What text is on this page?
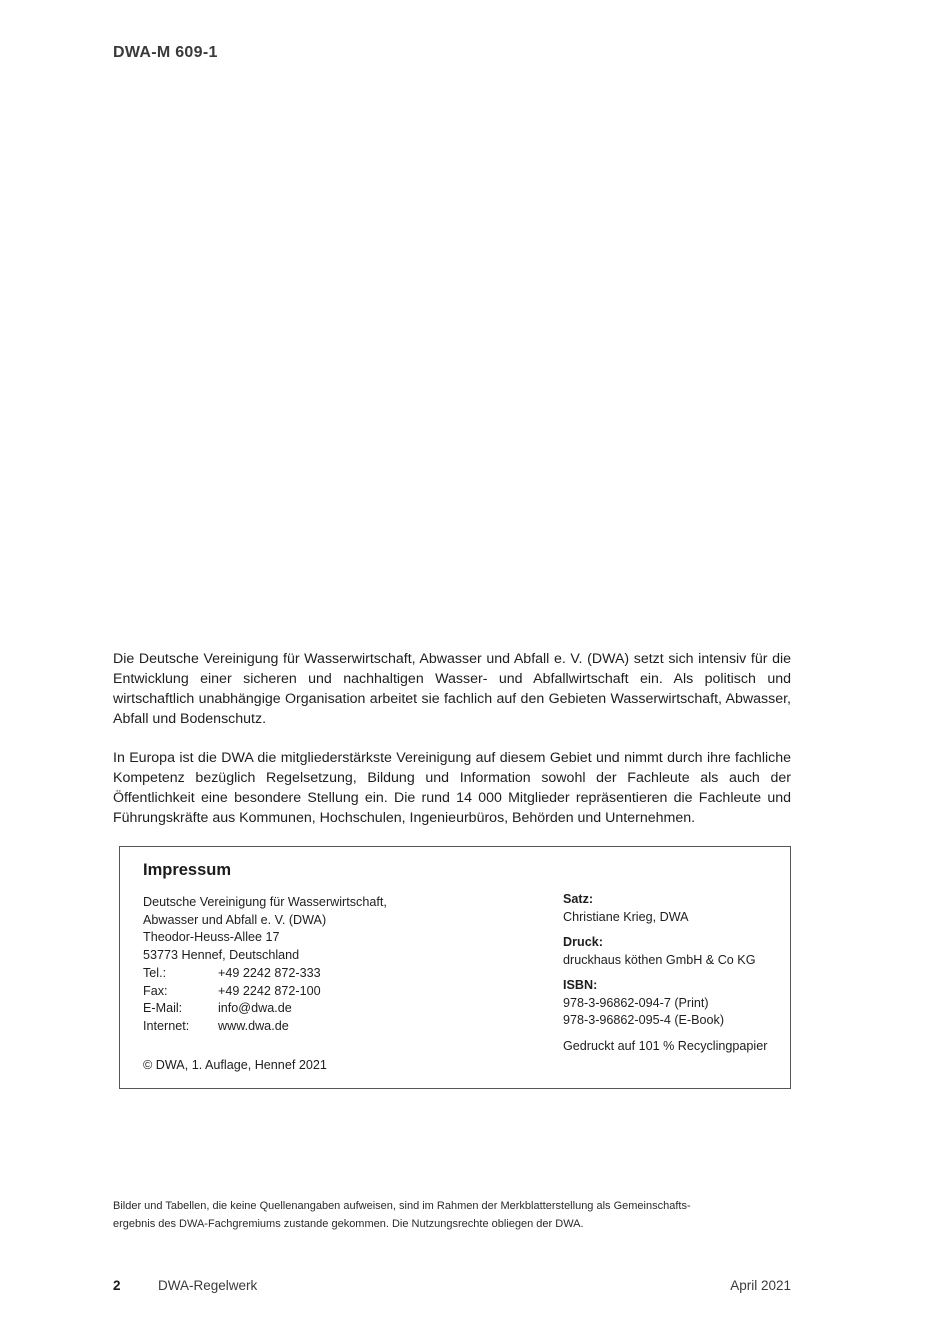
DWA-M 609-1
Die Deutsche Vereinigung für Wasserwirtschaft, Abwasser und Abfall e. V. (DWA) setzt sich intensiv für die Entwicklung einer sicheren und nachhaltigen Wasser- und Abfallwirtschaft ein. Als politisch und wirtschaftlich unabhängige Organisation arbeitet sie fachlich auf den Gebieten Wasserwirtschaft, Abwasser, Abfall und Bodenschutz.
In Europa ist die DWA die mitgliederstärkste Vereinigung auf diesem Gebiet und nimmt durch ihre fachliche Kompetenz bezüglich Regelsetzung, Bildung und Information sowohl der Fachleute als auch der Öffentlichkeit eine besondere Stellung ein. Die rund 14 000 Mitglieder repräsentieren die Fachleute und Führungskräfte aus Kommunen, Hochschulen, Ingenieurbüros, Behörden und Unternehmen.
Impressum
Deutsche Vereinigung für Wasserwirtschaft,
Abwasser und Abfall e. V. (DWA)
Theodor-Heuss-Allee 17
53773 Hennef, Deutschland
Tel.:	+49 2242 872-333
Fax:	+49 2242 872-100
E-Mail:	info@dwa.de
Internet:	www.dwa.de
© DWA, 1. Auflage, Hennef 2021
Satz:
Christiane Krieg, DWA
Druck:
druckhaus köthen GmbH & Co KG
ISBN:
978-3-96862-094-7 (Print)
978-3-96862-095-4 (E-Book)
Gedruckt auf 101 % Recyclingpapier
Bilder und Tabellen, die keine Quellenangaben aufweisen, sind im Rahmen der Merkblatterstellung als Gemeinschafts-
ergebnis des DWA-Fachgremiums zustande gekommen. Die Nutzungsrechte obliegen der DWA.
2	DWA-Regelwerk	April 2021
